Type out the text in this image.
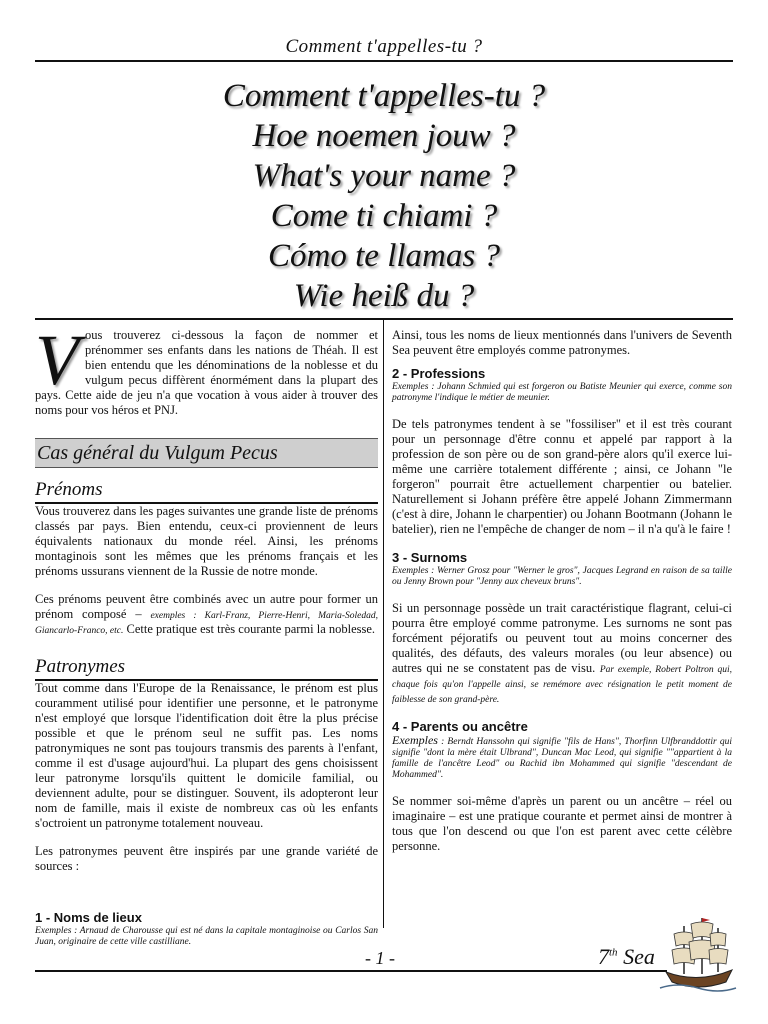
Comment t'appelles-tu ?
Comment t'appelles-tu ?
Hoe noemen jouw ?
What's your name ?
Come ti chiami ?
Cómo te llamas ?
Wie heiß du ?

Vous trouverez ci-dessous la façon de nommer et prénommer ses enfants dans les nations de Théah. Il est bien entendu que les dénominations de la noblesse et du vulgum pecus diffèrent énormément dans la plupart des pays. Cette aide de jeu n'a que vocation à vous aider à trouver des noms pour vos héros et PNJ.

Cas général du Vulgum Pecus
Prénoms

Vous trouverez dans les pages suivantes une grande liste de prénoms classés par pays. Bien entendu, ceux-ci proviennent de leurs équivalents nationaux du monde réel. Ainsi, les prénoms montaginois sont les mêmes que les prénoms français et les prénoms ussurans viennent de la Russie de notre monde.

Ces prénoms peuvent être combinés avec un autre pour former un prénom composé – exemples : Karl-Franz, Pierre-Henri, Maria-Soledad, Giancarlo-Franco, etc. Cette pratique est très courante parmi la noblesse.

Patronymes

Tout comme dans l'Europe de la Renaissance, le prénom est plus couramment utilisé pour identifier une personne, et le patronyme n'est employé que lorsque l'identification doit être la plus précise possible et que le prénom seul ne suffit pas. Les noms patronymiques ne sont pas toujours transmis des parents à l'enfant, comme il est d'usage aujourd'hui. La plupart des gens choisissent leur patronyme lorsqu'ils quittent le domicile familial, ou deviennent adulte, pour se distinguer. Souvent, ils adopteront leur nom de famille, mais il existe de nombreux cas où les enfants s'octroient un patronyme totalement nouveau.

Les patronymes peuvent être inspirés par une grande variété de sources :

1 - Noms de lieux

Exemples : Arnaud de Charousse qui est né dans la capitale montaginoise ou Carlos San Juan, originaire de cette ville castilliane.

Ainsi, tous les noms de lieux mentionnés dans l'univers de Seventh Sea peuvent être employés comme patronymes.

2 - Professions

Exemples : Johann Schmied qui est forgeron ou Batiste Meunier qui exerce, comme son patronyme l'indique le métier de meunier.

De tels patronymes tendent à se "fossiliser" et il est très courant pour un personnage d'être connu et appelé par rapport à la profession de son père ou de son grand-père alors qu'il exerce lui-même une carrière totalement différente ; ainsi, ce Johann "le forgeron" pourrait être actuellement charpentier ou batelier. Naturellement si Johann préfère être appelé Johann Zimmermann (c'est à dire, Johann le charpentier) ou Johann Bootmann (Johann le batelier), rien ne l'empêche de changer de nom – il n'a qu'à le faire !

3 - Surnoms

Exemples : Werner Grosz pour "Werner le gros", Jacques Legrand en raison de sa taille ou Jenny Brown pour "Jenny aux cheveux bruns".

Si un personnage possède un trait caractéristique flagrant, celui-ci pourra être employé comme patronyme. Les surnoms ne sont pas forcément péjoratifs ou peuvent tout au moins concerner des qualités, des défauts, des valeurs morales (ou leur absence) ou autres qui ne se constatent pas de visu. Par exemple, Robert Poltron qui, chaque fois qu'on l'appelle ainsi, se remémore avec résignation le petit moment de faiblesse de son grand-père.

4 - Parents ou ancêtre

Exemples : Berndt Hanssohn qui signifie "fils de Hans", Thorfinn Ulfbranddottir qui signifie "dont la mère était Ulbrand", Duncan Mac Leod, qui signifie ""appartient à la famille de l'ancêtre Leod" ou Rachid ibn Mohammed qui signifie "descendant de Mohammed".

Se nommer soi-même d'après un parent ou un ancêtre – réel ou imaginaire – est une pratique courante et permet ainsi de montrer à tous que l'on descend ou que l'on est parent avec cette célèbre personne.

- 1 -	7th Sea
